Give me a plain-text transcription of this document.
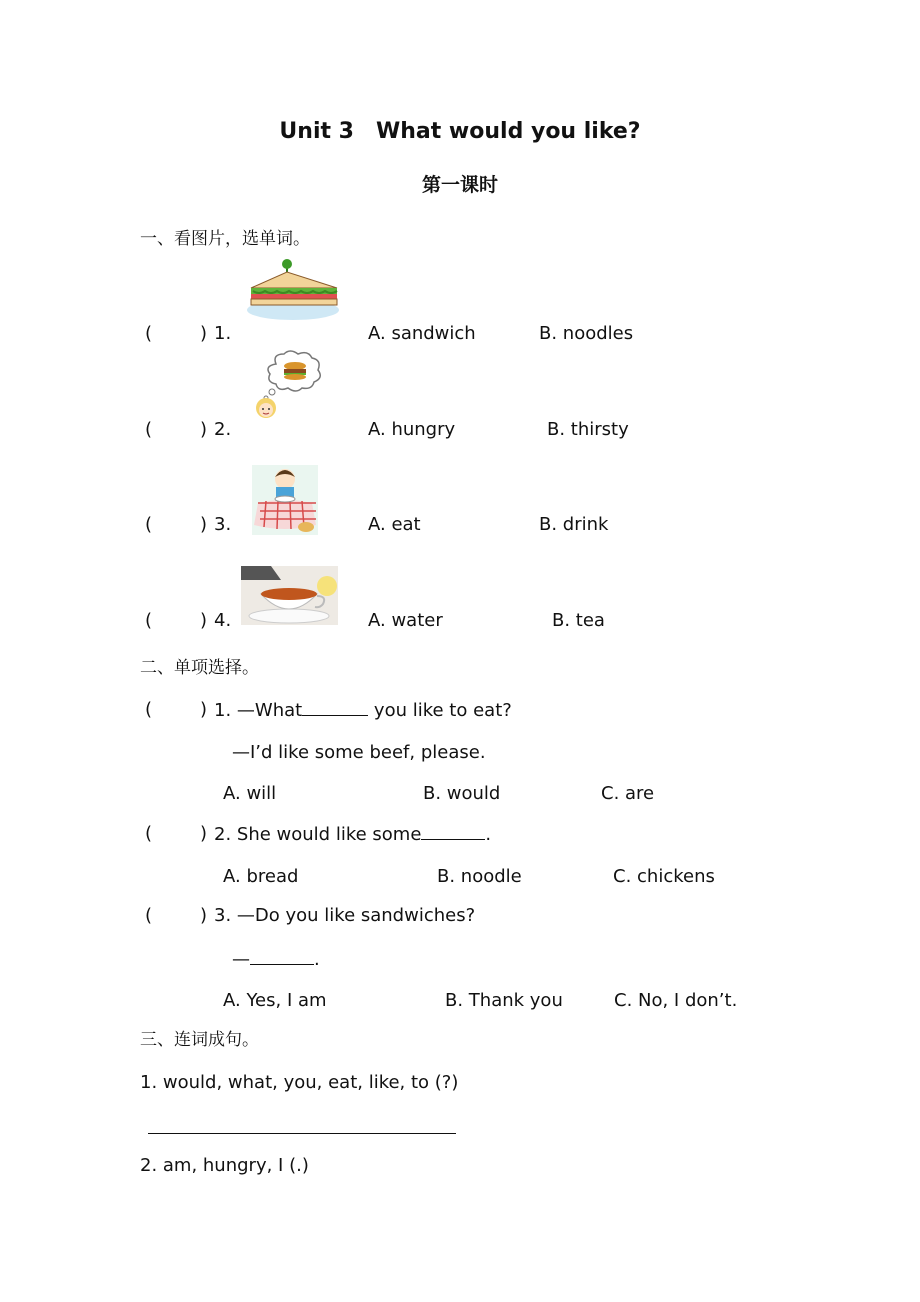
Unit 3　What would you like?
第一课时
一、看图片，选单词。
(	) 1.	A. sandwich	B. noodles
(	) 2.	A. hungry	B. thirsty
(	) 3.	A. eat	B. drink
(	) 4.	A. water	B. tea
二、单项选择。
(	) 1. —What	you like to eat?
—I’d like some beef, please.
A. will	B. would	C. are
(	) 2. She would like some	.
A. bread	B. noodle	C. chickens
(	) 3. —Do you like sandwiches?
—	.
A. Yes, I am	B. Thank you	C. No, I don’t.
三、连词成句。
1. would, what, you, eat, like, to (?)
2. am, hungry, I (.)
